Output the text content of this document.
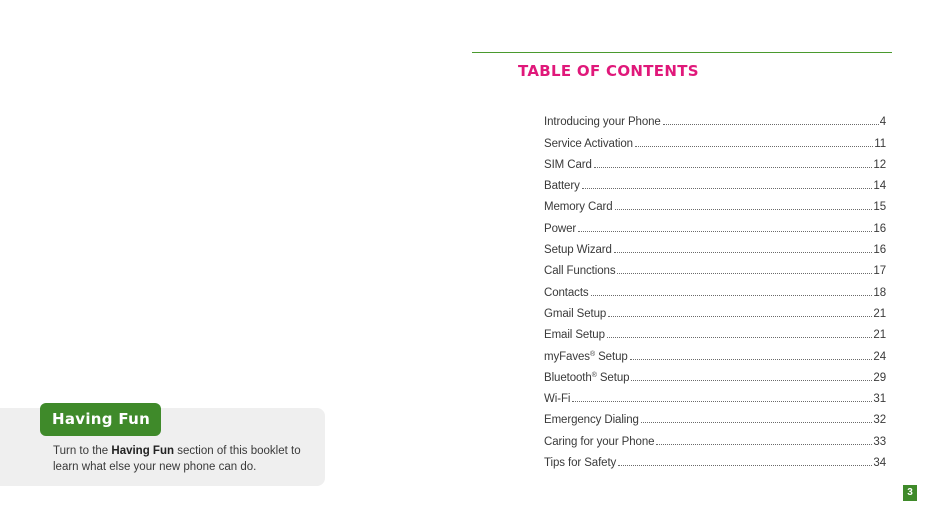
TABLE OF CONTENTS
Introducing your Phone	4
Service Activation	11
SIM Card	12
Battery	14
Memory Card	15
Power	16
Setup Wizard	16
Call Functions	17
Contacts	18
Gmail Setup	21
Email Setup	21
myFaves® Setup	24
Bluetooth® Setup	29
Wi-Fi	31
Emergency Dialing	32
Caring for your Phone	33
Tips for Safety	34
Having Fun
Turn to the Having Fun section of this booklet to learn what else your new phone can do.
3
